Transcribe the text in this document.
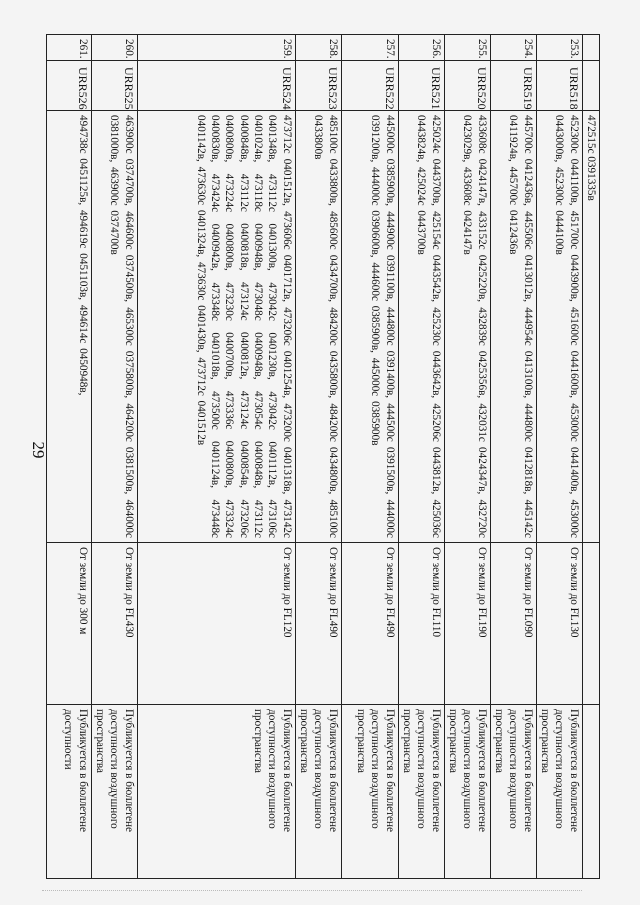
29
		472515с 0391335в		
253.	URR518	452300с 0441100в, 451700с 0443900в, 451600с 0441600в, 453000с 0441400в, 453000с 0443000в, 452300с 0444100в	От земли до FL130	Публикуется в бюллетене доступности воздушного пространства
254.	URR519	445700с 0412436в, 445506с 0413012в, 444954с 0413100в, 444800с 0412818в, 445142с 0411924в, 445700с 0412436в	От земли до FL090	Публикуется в бюллетене доступности воздушного пространства
255.	URR520	433608с 0424147в, 433152с 0425220в, 432839с 0425356в, 432031с 0424347в, 432720с 0423029в, 433608с 0424147в	От земли до FL190	Публикуется в бюллетене доступности воздушного пространства
256.	URR521	425024с 0443700в, 425154с 0443542в, 425230с 0443642в, 425206с 0443812в, 425036с 0443824в, 425024с 0443700в	От земли до FL110	Публикуется в бюллетене доступности воздушного пространства
257.	URR522	445000с 0385900в, 444900с 0391100в, 444800с 0391400в, 444500с 0391500в, 444000с 0391200в, 444000с 0390600в, 444600с 0385900в, 445000с 0385900в	От земли до FL490	Публикуется в бюллетене доступности воздушного пространства
258.	URR523	485100с 0433800в, 485600с 0434700в, 484200с 0435800в, 484200с 0434800в, 485100с 0433800в	От земли до FL490	Публикуется в бюллетене доступности воздушного пространства
259.	URR524	473712с 0401512в, 473606с 0401712в, 473206с 0401254в, 473200с 0401318в, 473142с 0401348в, 473112с 0401300в, 473042с 0401230в, 473042с 0401112в, 473106с 0401024в, 473118с 0400948в, 473048с 0400948в, 473054с 0400848в, 473112с 0400848в, 473112с 0400818в, 473124с 0400812в, 473124с 0400854в, 473206с 0400800в, 473224с 0400800в, 473230с 0400700в, 473336с 0400800в, 473324с 0400830в, 473424с 0400942в, 473348с 0401018в, 473500с 0401124в, 473448с 0401142в, 473630с 0401324в, 473630с 0401430в, 473712с 0401512в	От земли до FL120	Публикуется в бюллетене доступности воздушного пространства
260.	URR525	463900с 0374700в, 464600с 0374500в, 465300с 0375800в, 464200с 0381500в, 464000с 0381000в, 463900с 0374700в	От земли до FL430	Публикуется в бюллетене доступности воздушного пространства
261.	URR526	494738с 0451125в, 494619с 0451103в, 494614с 0450948в,	От земли до 300 м	Публикуется в бюллетене доступности
